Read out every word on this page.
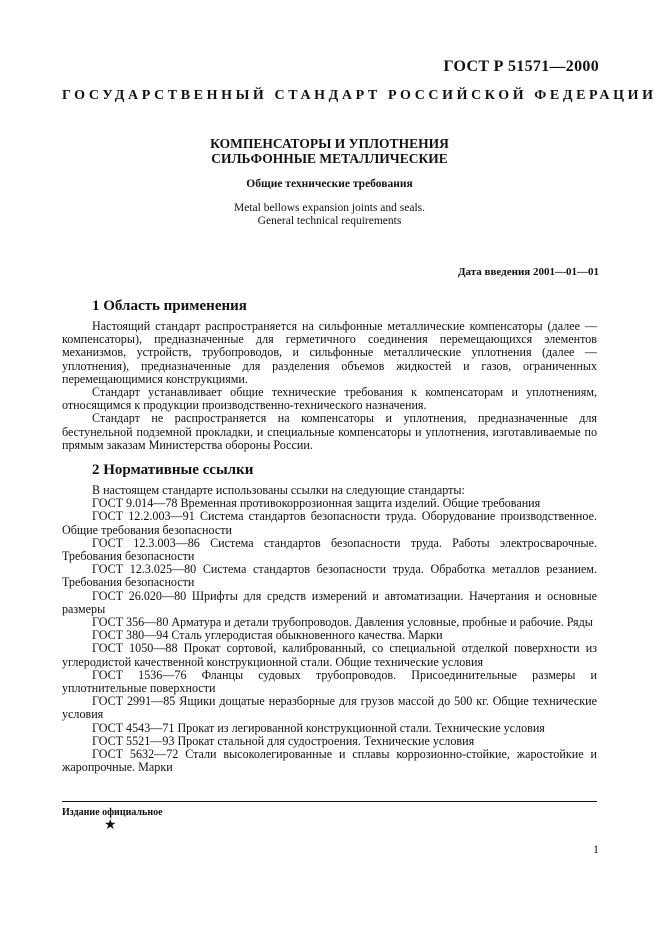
ГОСТ Р 51571—2000
ГОСУДАРСТВЕННЫЙ СТАНДАРТ РОССИЙСКОЙ ФЕДЕРАЦИИ
КОМПЕНСАТОРЫ И УПЛОТНЕНИЯ
СИЛЬФОННЫЕ МЕТАЛЛИЧЕСКИЕ
Общие технические требования
Metal bellows expansion joints and seals.
General technical requirements
Дата введения 2001—01—01
1 Область применения

Настоящий стандарт распространяется на сильфонные металлические компенсаторы (далее — компенсаторы), предназначенные для герметичного соединения перемещающихся элементов механизмов, устройств, трубопроводов, и сильфонные металлические уплотнения (далее — уплотнения), предназначенные для разделения объемов жидкостей и газов, ограниченных перемещающимися конструкциями.

Стандарт устанавливает общие технические требования к компенсаторам и уплотнениям, относящимся к продукции производственно-технического назначения.

Стандарт не распространяется на компенсаторы и уплотнения, предназначенные для бестунельной подземной прокладки, и специальные компенсаторы и уплотнения, изготавливаемые по прямым заказам Министерства обороны России.

2 Нормативные ссылки

В настоящем стандарте использованы ссылки на следующие стандарты:

ГОСТ 9.014—78 Временная противокоррозионная защита изделий. Общие требования

ГОСТ 12.2.003—91 Система стандартов безопасности труда. Оборудование производственное. Общие требования безопасности

ГОСТ 12.3.003—86 Система стандартов безопасности труда. Работы электросварочные. Требования безопасности

ГОСТ 12.3.025—80 Система стандартов безопасности труда. Обработка металлов резанием. Требования безопасности

ГОСТ 26.020—80 Шрифты для средств измерений и автоматизации. Начертания и основные размеры

ГОСТ 356—80 Арматура и детали трубопроводов. Давления условные, пробные и рабочие. Ряды

ГОСТ 380—94 Сталь углеродистая обыкновенного качества. Марки

ГОСТ 1050—88 Прокат сортовой, калиброванный, со специальной отделкой поверхности из углеродистой качественной конструкционной стали. Общие технические условия

ГОСТ 1536—76 Фланцы судовых трубопроводов. Присоединительные размеры и уплотнительные поверхности

ГОСТ 2991—85 Ящики дощатые неразборные для грузов массой до 500 кг. Общие технические условия

ГОСТ 4543—71 Прокат из легированной конструкционной стали. Технические условия

ГОСТ 5521—93 Прокат стальной для судостроения. Технические условия

ГОСТ 5632—72 Стали высоколегированные и сплавы коррозионно-стойкие, жаростойкие и жаропрочные. Марки

Издание официальное
★
1
